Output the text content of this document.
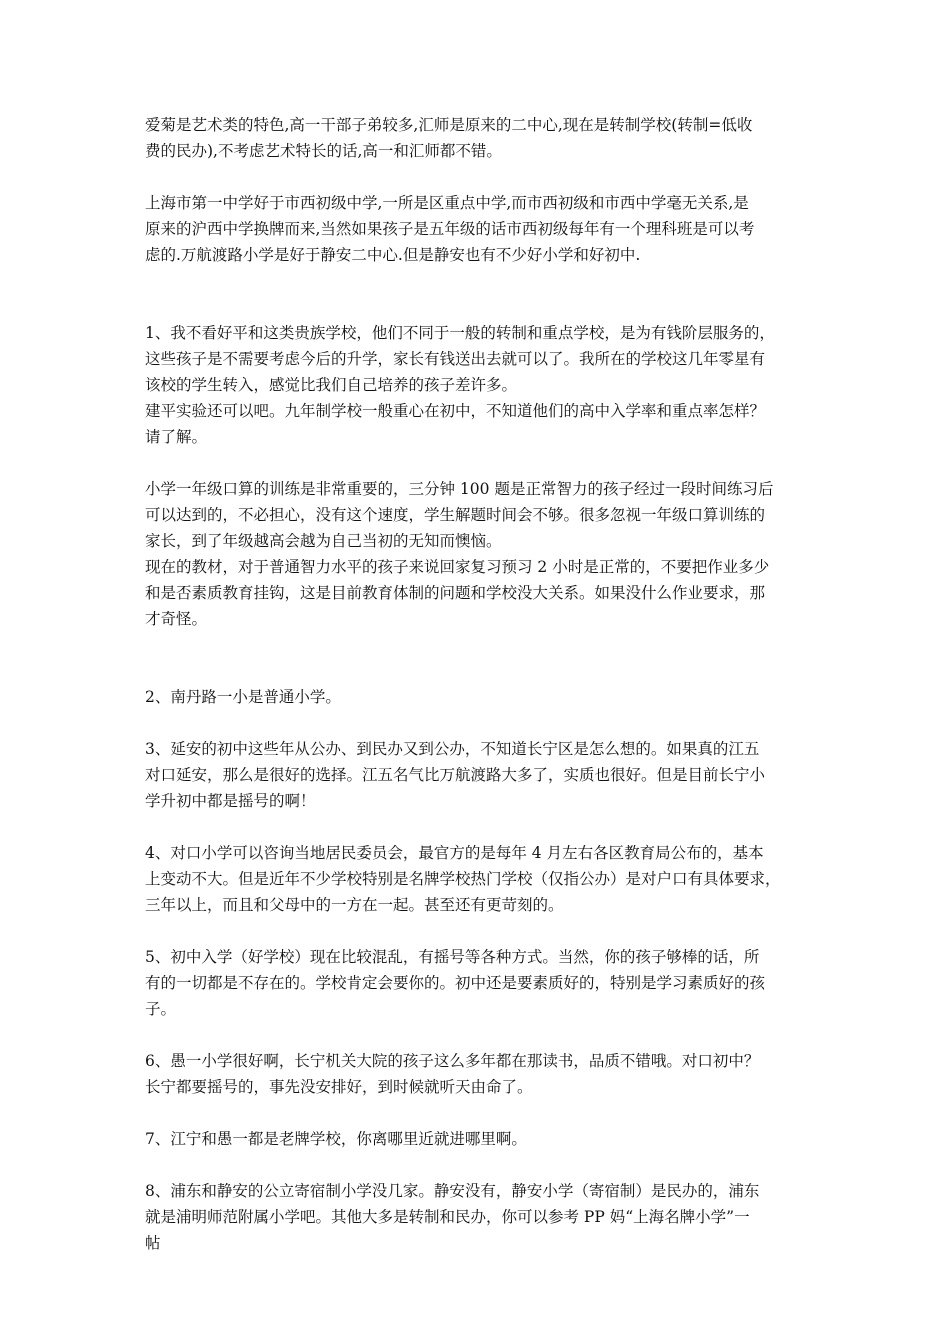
爱菊是艺术类的特色,高一干部子弟较多,汇师是原来的二中心,现在是转制学校(转制=低收
费的民办),不考虑艺术特长的话,高一和汇师都不错。

上海市第一中学好于市西初级中学,一所是区重点中学,而市西初级和市西中学毫无关系,是
原来的沪西中学换牌而来,当然如果孩子是五年级的话市西初级每年有一个理科班是可以考
虑的.万航渡路小学是好于静安二中心.但是静安也有不少好小学和好初中.

1、我不看好平和这类贵族学校，他们不同于一般的转制和重点学校，是为有钱阶层服务的，
这些孩子是不需要考虑今后的升学，家长有钱送出去就可以了。我所在的学校这几年零星有
该校的学生转入，感觉比我们自己培养的孩子差许多。
建平实验还可以吧。九年制学校一般重心在初中，不知道他们的高中入学率和重点率怎样？
请了解。

小学一年级口算的训练是非常重要的，三分钟 100 题是正常智力的孩子经过一段时间练习后
可以达到的，不必担心，没有这个速度，学生解题时间会不够。很多忽视一年级口算训练的
家长，到了年级越高会越为自己当初的无知而懊恼。
现在的教材，对于普通智力水平的孩子来说回家复习预习 2 小时是正常的，不要把作业多少
和是否素质教育挂钩，这是目前教育体制的问题和学校没大关系。如果没什么作业要求，那
才奇怪。

2、南丹路一小是普通小学。

3、延安的初中这些年从公办、到民办又到公办，不知道长宁区是怎么想的。如果真的江五
对口延安，那么是很好的选择。江五名气比万航渡路大多了，实质也很好。但是目前长宁小
学升初中都是摇号的啊！

4、对口小学可以咨询当地居民委员会，最官方的是每年 4 月左右各区教育局公布的，基本
上变动不大。但是近年不少学校特别是名牌学校热门学校（仅指公办）是对户口有具体要求，
三年以上，而且和父母中的一方在一起。甚至还有更苛刻的。

5、初中入学（好学校）现在比较混乱，有摇号等各种方式。当然，你的孩子够棒的话，所
有的一切都是不存在的。学校肯定会要你的。初中还是要素质好的，特别是学习素质好的孩
子。

6、愚一小学很好啊，长宁机关大院的孩子这么多年都在那读书，品质不错哦。对口初中？
长宁都要摇号的，事先没安排好，到时候就听天由命了。

7、江宁和愚一都是老牌学校，你离哪里近就进哪里啊。

8、浦东和静安的公立寄宿制小学没几家。静安没有，静安小学（寄宿制）是民办的，浦东
就是浦明师范附属小学吧。其他大多是转制和民办，你可以参考 PP 妈“上海名牌小学”一
帖
